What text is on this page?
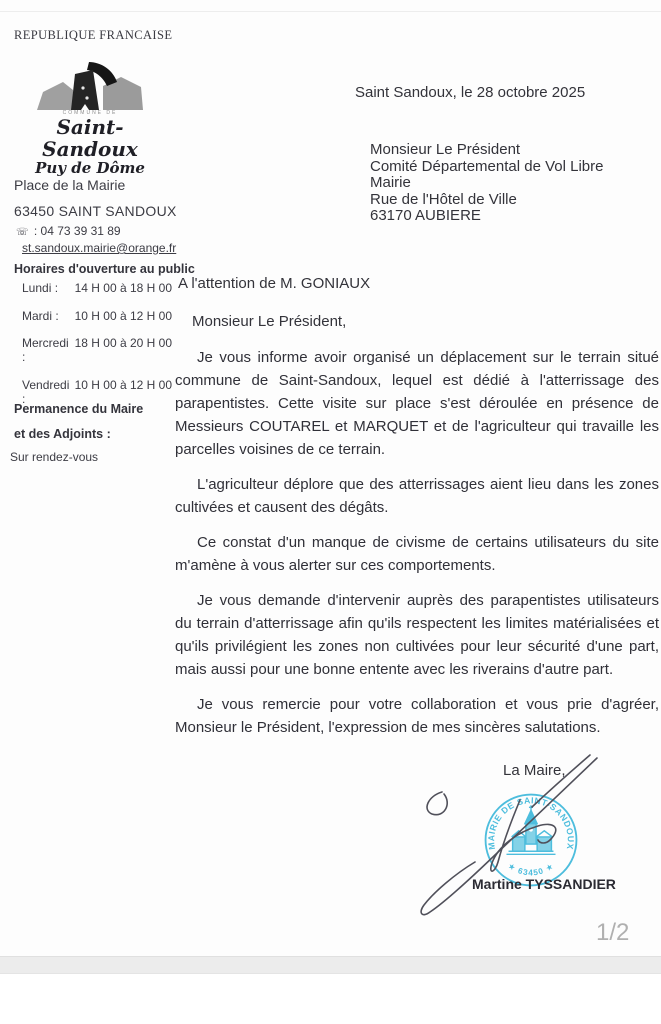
REPUBLIQUE FRANCAISE
COMMUNE DE
Saint-Sandoux
Puy de Dôme
Place de la Mairie
63450 SAINT SANDOUX
☏ : 04 73 39 31 89
st.sandoux.mairie@orange.fr
Horaires d'ouverture au public
Lundi :	14 H 00 à 18 H 00
Mardi :	10 H 00 à 12 H 00
Mercredi :
18 H 00 à 20 H 00
Vendredi :
10 H 00 à 12 H 00
Permanence du Maire
et des Adjoints :
Sur rendez-vous
Saint Sandoux, le 28 octobre 2025
Monsieur Le Président
Comité Départemental de Vol Libre
Mairie
Rue de l'Hôtel de Ville
63170 AUBIERE
A l'attention de M. GONIAUX
Monsieur Le Président,

Je vous informe avoir organisé un déplacement sur le terrain situé commune de Saint-Sandoux, lequel est dédié à l'atterrissage des parapentistes. Cette visite sur place s'est déroulée en présence de Messieurs COUTAREL et MARQUET et de l'agriculteur qui travaille les parcelles voisines de ce terrain.

L'agriculteur déplore que des atterrissages aient lieu dans les zones cultivées et causent des dégâts.

Ce constat d'un manque de civisme de certains utilisateurs du site m'amène à vous alerter sur ces comportements.

Je vous demande d'intervenir auprès des parapentistes utilisateurs du terrain d'atterrissage afin qu'ils respectent les limites matérialisées et qu'ils privilégient les zones non cultivées pour leur sécurité d'une part, mais aussi pour une bonne entente avec les riverains d'autre part.

Je vous remercie pour votre collaboration et vous prie d'agréer, Monsieur le Président, l'expression de mes sincères salutations.

La Maire,
MAIRIE DE SAINT-SANDOUX
★ 63450 ★
Martine TYSSANDIER
1/2
